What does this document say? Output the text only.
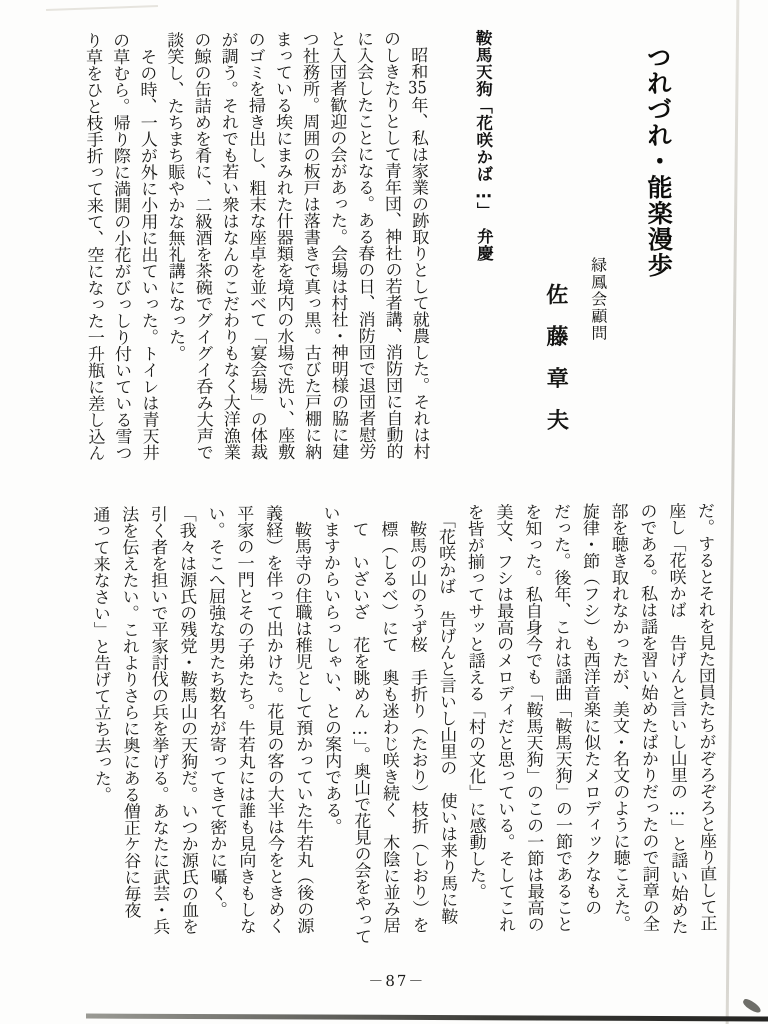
つれづれ・能楽漫歩
緑鳳会顧問
佐藤章夫
鞍馬天狗「花咲かば…」　弁慶
　昭和35年、私は家業の跡取りとして就農した。それは村
のしきたりとして青年団、神社の若者講、消防団に自動的
に入会したことになる。ある春の日、消防団で退団者慰労
と入団者歓迎の会があった。会場は村社・神明様の脇に建
つ社務所。周囲の板戸は落書きで真っ黒。古びた戸棚に納
まっている埃にまみれた什器類を境内の水場で洗い、座敷
のゴミを掃き出し、粗末な座卓を並べて「宴会場」の体裁
が調う。それでも若い衆はなんのこだわりもなく大洋漁業
の鯨の缶詰めを肴に、二級酒を茶碗でグイグイ呑み大声で
談笑し、たちまち賑やかな無礼講になった。
　その時、一人が外に小用に出ていった。トイレは青天井
の草むら。帰り際に満開の小花がびっしり付いている雪つ
り草をひと枝手折って来て、空になった一升瓶に差し込ん
だ。するとそれを見た団員たちがぞろぞろと座り直して正
座し「花咲かば　告げんと言いし山里の…」と謡い始めた
のである。私は謡を習い始めたばかりだったので詞章の全
部を聴き取れなかったが、美文・名文のように聴こえた。
旋律・節（フシ）も西洋音楽に似たメロディックなもの
だった。後年、これは謡曲「鞍馬天狗」の一節であること
を知った。私自身今でも「鞍馬天狗」のこの一節は最高の
美文、フシは最高のメロディだと思っている。そしてこれ
を皆が揃ってサッと謡える「村の文化」に感動した。
　「花咲かば　告げんと言いし山里の　使いは来り馬に鞍
　鞍馬の山のうず桜　手折り（たおり）枝折（しおり）を
　標（しるべ）にて　奥も迷わじ咲き続く　木陰に並み居
　て　いざいざ　花を眺めん…」。奥山で花見の会をやって
いますからいらっしゃい、との案内である。
　鞍馬寺の住職は稚児として預かっていた牛若丸（後の源
義経）を伴って出かけた。花見の客の大半は今をときめく
平家の一門とその子弟たち。牛若丸には誰も見向きもしな
い。そこへ屈強な男たち数名が寄ってきて密かに囁く。
「我々は源氏の残党・鞍馬山の天狗だ。いつか源氏の血を
引く者を担いで平家討伐の兵を挙げる。あなたに武芸・兵
法を伝えたい。これよりさらに奥にある僧正ケ谷に毎夜
通って来なさい」と告げて立ち去った。
－87－
